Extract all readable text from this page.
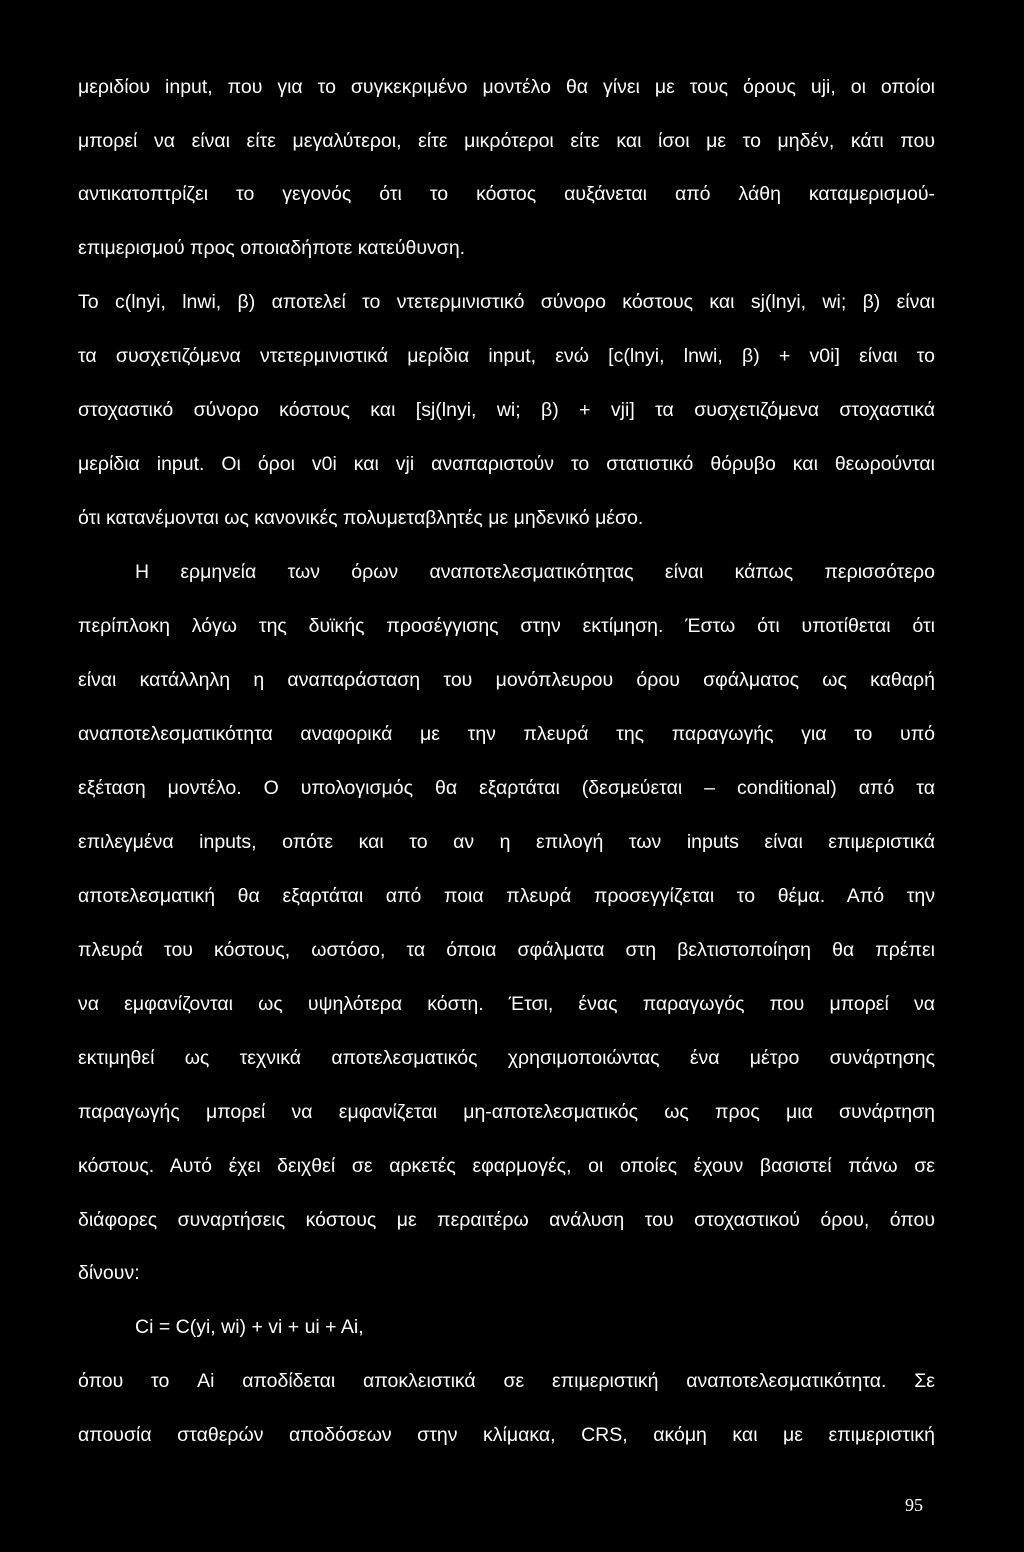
μεριδίου input, που για το συγκεκριμένο μοντέλο θα γίνει με τους όρους uji, οι οποίοι
μπορεί να είναι είτε μεγαλύτεροι, είτε μικρότεροι είτε και ίσοι με το μηδέν, κάτι που
αντικατοπτρίζει το γεγονός ότι το κόστος αυξάνεται από λάθη καταμερισμού-
επιμερισμού προς οποιαδήποτε κατεύθυνση.
Το c(lnyi, lnwi, β) αποτελεί το ντετερμινιστικό σύνορο κόστους και sj(lnyi, wi; β) είναι
τα συσχετιζόμενα ντετερμινιστικά μερίδια input, ενώ [c(lnyi, lnwi, β) + v0i] είναι το
στοχαστικό σύνορο κόστους και [sj(lnyi, wi; β) + vji] τα συσχετιζόμενα στοχαστικά
μερίδια input. Οι όροι v0i και vji αναπαριστούν το στατιστικό θόρυβο και θεωρούνται
ότι κατανέμονται ως κανονικές πολυμεταβλητές με μηδενικό μέσο.
Η ερμηνεία των όρων αναποτελεσματικότητας είναι κάπως περισσότερο
περίπλοκη λόγω της δυϊκής προσέγγισης στην εκτίμηση. Έστω ότι υποτίθεται ότι
είναι κατάλληλη η αναπαράσταση του μονόπλευρου όρου σφάλματος ως καθαρή
αναποτελεσματικότητα αναφορικά με την πλευρά της παραγωγής για το υπό
εξέταση μοντέλο. Ο υπολογισμός θα εξαρτάται (δεσμεύεται – conditional) από τα
επιλεγμένα inputs, οπότε και το αν η επιλογή των inputs είναι επιμεριστικά
αποτελεσματική θα εξαρτάται από ποια πλευρά προσεγγίζεται το θέμα. Από την
πλευρά του κόστους, ωστόσο, τα όποια σφάλματα στη βελτιστοποίηση θα πρέπει
να εμφανίζονται ως υψηλότερα κόστη. Έτσι, ένας παραγωγός που μπορεί να
εκτιμηθεί ως τεχνικά αποτελεσματικός χρησιμοποιώντας ένα μέτρο συνάρτησης
παραγωγής μπορεί να εμφανίζεται μη-αποτελεσματικός ως προς μια συνάρτηση
κόστους. Αυτό έχει δειχθεί σε αρκετές εφαρμογές, οι οποίες έχουν βασιστεί πάνω σε
διάφορες συναρτήσεις κόστους με περαιτέρω ανάλυση του στοχαστικού όρου, όπου
δίνουν:
Ci = C(yi, wi) + vi + ui + Ai,
όπου το Ai αποδίδεται αποκλειστικά σε επιμεριστική αναποτελεσματικότητα. Σε
απουσία σταθερών αποδόσεων στην κλίμακα, CRS, ακόμη και με επιμεριστική
95
